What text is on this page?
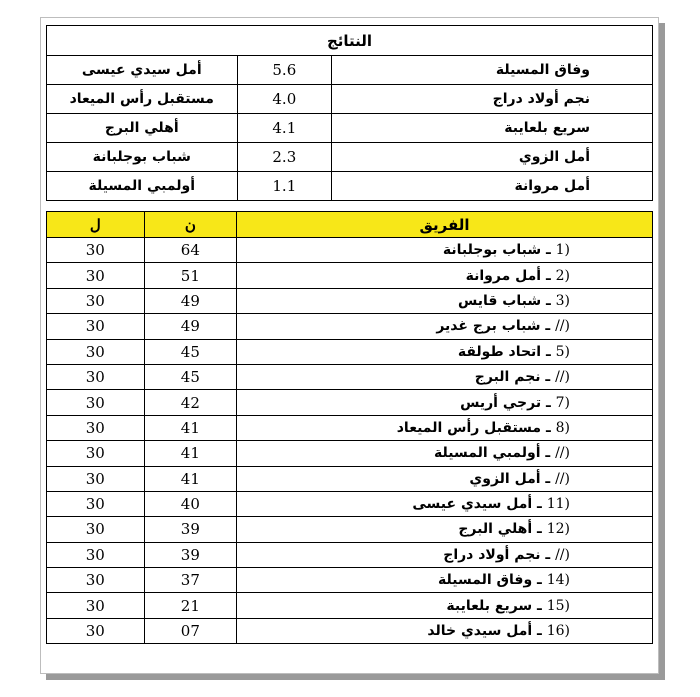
النتائج		
وفاق المسيلة	5.6	أمل سيدي عيسى
نجم أولاد دراج	4.0	مستقبل رأس الميعاد
سريع بلعايبة	4.1	أهلي البرج
أمل الزوي	2.3	شباب بوجلبانة
أمل مروانة	1.1	أولمبي المسيلة
الفريق	ن	ل
1) ـ شباب بوجلبانة	64	30
2) ـ أمل مروانة	51	30
3) ـ شباب قايس	49	30
//) ـ شباب برج غدير	49	30
5) ـ اتحاد طولقة	45	30
//) ـ نجم البرج	45	30
7) ـ ترجي أريس	42	30
8) ـ مستقبل رأس الميعاد	41	30
//) ـ أولمبي المسيلة	41	30
//) ـ أمل الزوي	41	30
11) ـ أمل سيدي عيسى	40	30
12) ـ أهلي البرج	39	30
//) ـ نجم أولاد دراج	39	30
14) ـ وفاق المسيلة	37	30
15) ـ سريع بلعايبة	21	30
16) ـ أمل سيدي خالد	07	30
